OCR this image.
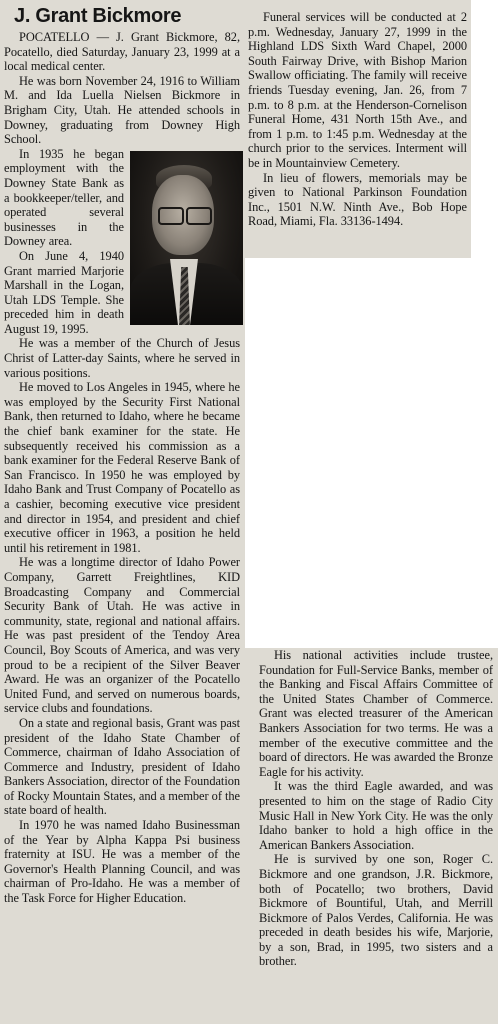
J. Grant Bickmore

POCATELLO — J. Grant Bickmore, 82, Pocatello, died Saturday, January 23, 1999 at a local medical center.

He was born November 24, 1916 to William M. and Ida Luella Nielsen Bickmore in Brigham City, Utah. He attended schools in Downey, graduating from Downey High School.

In 1935 he began employment with the Downey State Bank as a bookkeeper/teller, and operated several businesses in the Downey area.

On June 4, 1940 Grant married Marjorie Marshall in the Logan, Utah LDS Temple. She preceded him in death August 19, 1995.

He was a member of the Church of Jesus Christ of Latter-day Saints, where he served in various positions.

He moved to Los Angeles in 1945, where he was employed by the Security First National Bank, then returned to Idaho, where he became the chief bank examiner for the state. He subsequently received his commission as a bank examiner for the Federal Reserve Bank of San Francisco. In 1950 he was employed by Idaho Bank and Trust Company of Pocatello as a cashier, becoming executive vice president and director in 1954, and president and chief executive officer in 1963, a position he held until his retirement in 1981.

He was a longtime director of Idaho Power Company, Garrett Freightlines, KID Broadcasting Company and Commercial Security Bank of Utah. He was active in community, state, regional and national affairs. He was past president of the Tendoy Area Council, Boy Scouts of America, and was very proud to be a recipient of the Silver Beaver Award. He was an organizer of the Pocatello United Fund, and served on numerous boards, service clubs and foundations.

On a state and regional basis, Grant was past president of the Idaho State Chamber of Commerce, chairman of Idaho Association of Commerce and Industry, president of Idaho Bankers Association, director of the Foundation of Rocky Mountain States, and a member of the state board of health.

In 1970 he was named Idaho Businessman of the Year by Alpha Kappa Psi business fraternity at ISU. He was a member of the Governor's Health Planning Council, and was chairman of Pro-Idaho. He was a member of the Task Force for Higher Education.

Funeral services will be conducted at 2 p.m. Wednesday, January 27, 1999 in the Highland LDS Sixth Ward Chapel, 2000 South Fairway Drive, with Bishop Marion Swallow officiating. The family will receive friends Tuesday evening, Jan. 26, from 7 p.m. to 8 p.m. at the Henderson-Cornelison Funeral Home, 431 North 15th Ave., and from 1 p.m. to 1:45 p.m. Wednesday at the church prior to the services. Interment will be in Mountainview Cemetery.

In lieu of flowers, memorials may be given to National Parkinson Foundation Inc., 1501 N.W. Ninth Ave., Bob Hope Road, Miami, Fla. 33136-1494.

His national activities include trustee, Foundation for Full-Service Banks, member of the Banking and Fiscal Affairs Committee of the United States Chamber of Commerce. Grant was elected treasurer of the American Bankers Association for two terms. He was a member of the executive committee and the board of directors. He was awarded the Bronze Eagle for his activity.

It was the third Eagle awarded, and was presented to him on the stage of Radio City Music Hall in New York City. He was the only Idaho banker to hold a high office in the American Bankers Association.

He is survived by one son, Roger C. Bickmore and one grandson, J.R. Bickmore, both of Pocatello; two brothers, David Bickmore of Bountiful, Utah, and Merrill Bickmore of Palos Verdes, California. He was preceded in death besides his wife, Marjorie, by a son, Brad, in 1995, two sisters and a brother.
